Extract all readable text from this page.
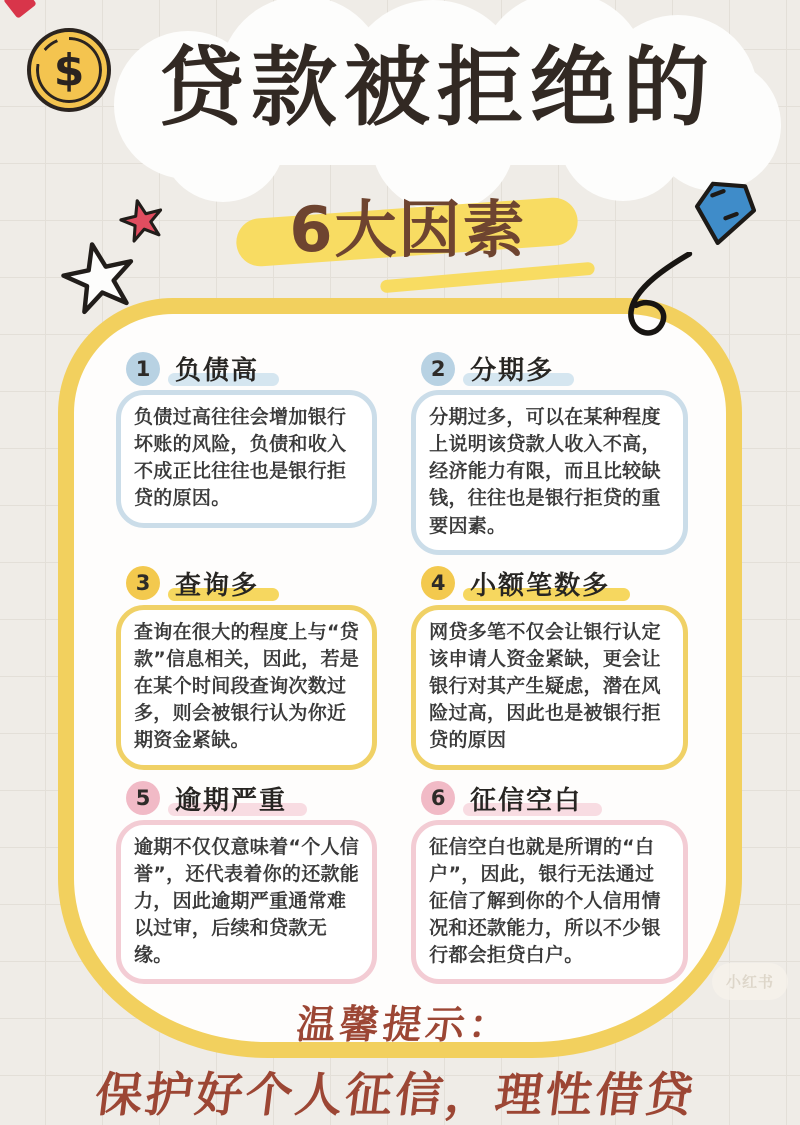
$ 贷款被拒绝的
6大因素
1 负债高
负债过高往往会增加银行坏账的风险，负债和收入不成正比往往也是银行拒贷的原因。
2 分期多
分期过多，可以在某种程度上说明该贷款人收入不高，经济能力有限，而且比较缺钱，往往也是银行拒贷的重要因素。
3 查询多
查询在很大的程度上与“贷款”信息相关，因此，若是在某个时间段查询次数过多，则会被银行认为你近期资金紧缺。
4 小额笔数多
网贷多笔不仅会让银行认定该申请人资金紧缺，更会让银行对其产生疑虑，潜在风险过高，因此也是被银行拒贷的原因
5 逾期严重
逾期不仅仅意味着“个人信誉”，还代表着你的还款能力，因此逾期严重通常难以过审，后续和贷款无缘。
6 征信空白
征信空白也就是所谓的“白户”，因此，银行无法通过征信了解到你的个人信用情况和还款能力，所以不少银行都会拒贷白户。
温馨提示：
保护好个人征信，理性借贷
小红书
